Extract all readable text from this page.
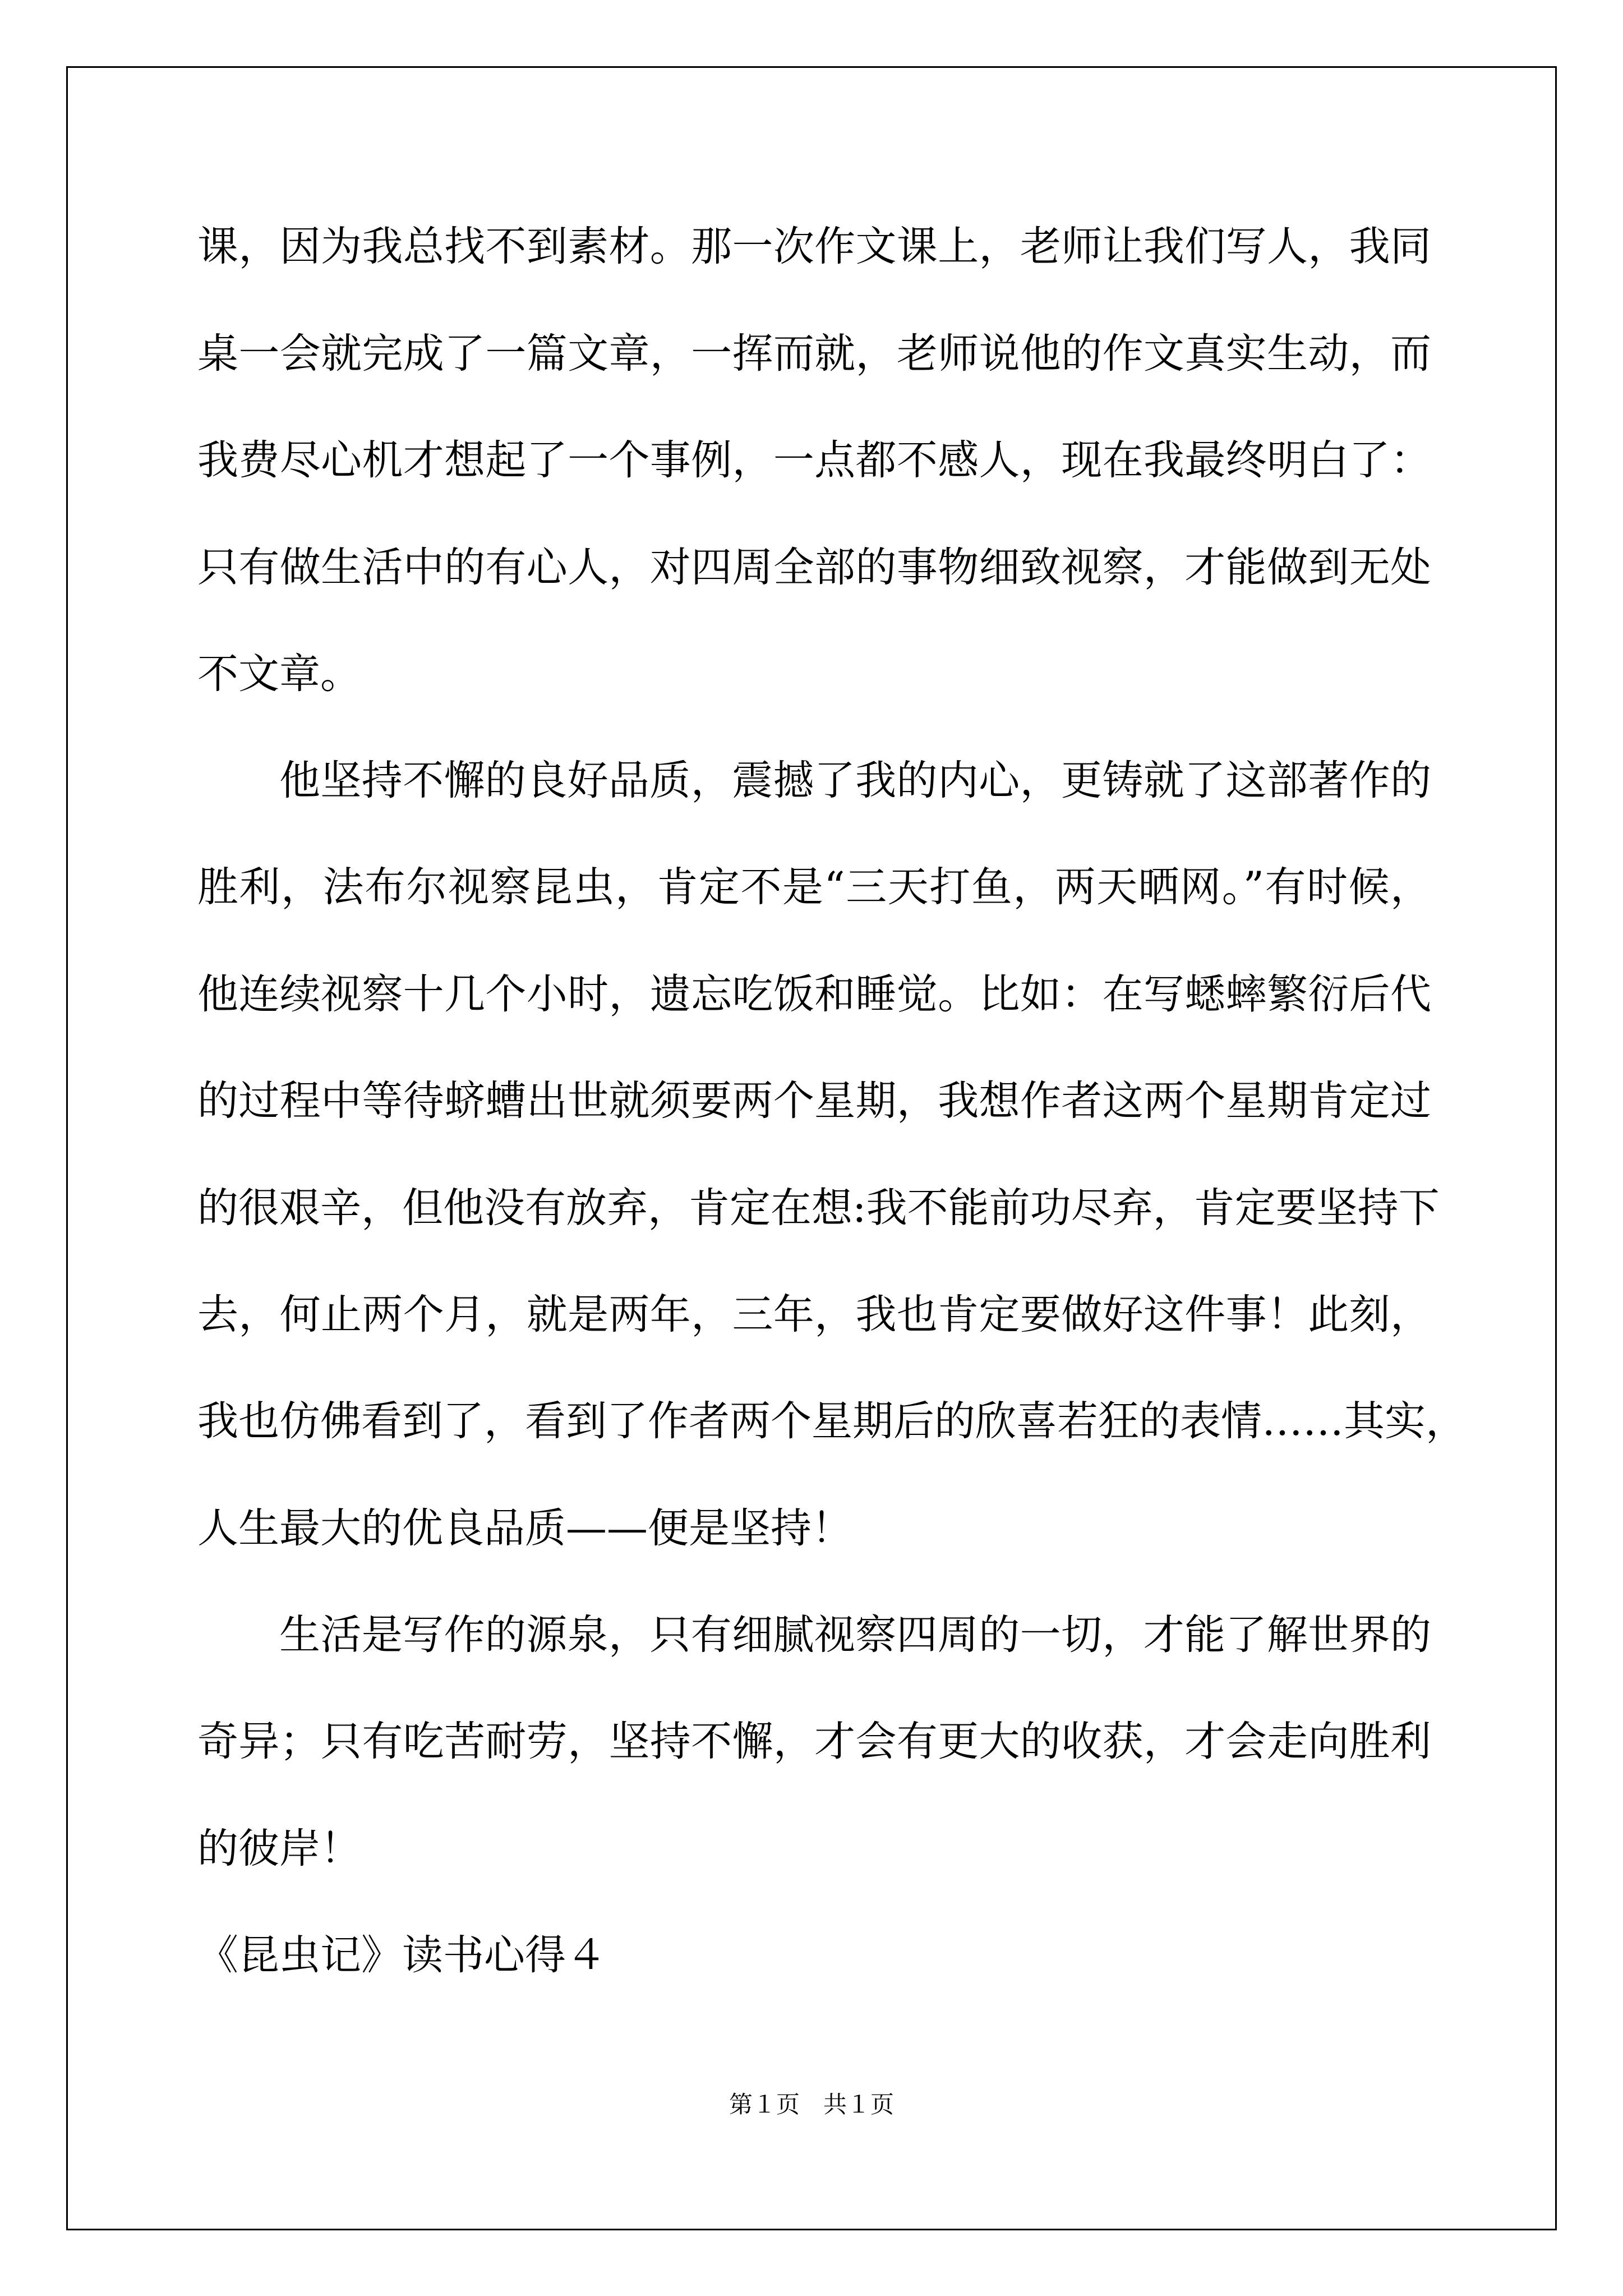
课，因为我总找不到素材。那一次作文课上，老师让我们写人，我同
桌一会就完成了一篇文章，一挥而就，老师说他的作文真实生动，而
我费尽心机才想起了一个事例，一点都不感人，现在我最终明白了：
只有做生活中的有心人，对四周全部的事物细致视察，才能做到无处
不文章。
他坚持不懈的良好品质，震撼了我的内心，更铸就了这部著作的
胜利，法布尔视察昆虫，肯定不是“三天打鱼，两天晒网。”有时候，
他连续视察十几个小时，遗忘吃饭和睡觉。比如：在写蟋蟀繁衍后代
的过程中等待蛴螬出世就须要两个星期，我想作者这两个星期肯定过
的很艰辛，但他没有放弃，肯定在想:我不能前功尽弃，肯定要坚持下
去，何止两个月，就是两年，三年，我也肯定要做好这件事！此刻，
我也仿佛看到了，看到了作者两个星期后的欣喜若狂的表情……其实，
人生最大的优良品质——便是坚持！
生活是写作的源泉，只有细腻视察四周的一切，才能了解世界的
奇异；只有吃苦耐劳，坚持不懈，才会有更大的收获，才会走向胜利
的彼岸！
《昆虫记》读书心得４
第１页　共１页
